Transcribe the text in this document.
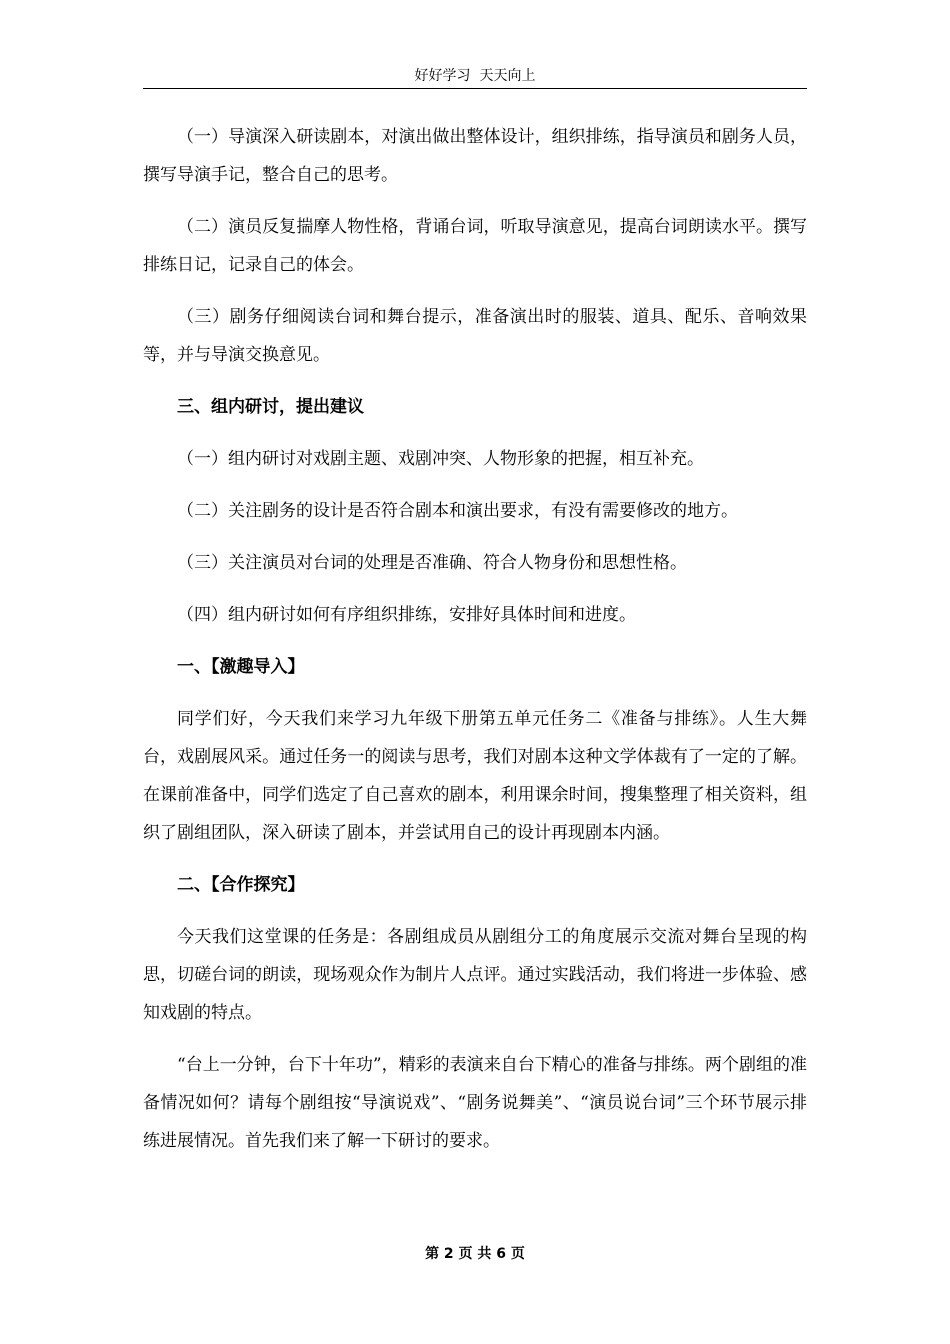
好好学习  天天向上

（一）导演深入研读剧本，对演出做出整体设计，组织排练，指导演员和剧务人员，撰写导演手记，整合自己的思考。

（二）演员反复揣摩人物性格，背诵台词，听取导演意见，提高台词朗读水平。撰写排练日记，记录自己的体会。

（三）剧务仔细阅读台词和舞台提示，准备演出时的服装、道具、配乐、音响效果等，并与导演交换意见。

三、组内研讨，提出建议

（一）组内研讨对戏剧主题、戏剧冲突、人物形象的把握，相互补充。

（二）关注剧务的设计是否符合剧本和演出要求，有没有需要修改的地方。

（三）关注演员对台词的处理是否准确、符合人物身份和思想性格。

（四）组内研讨如何有序组织排练，安排好具体时间和进度。

一、【激趣导入】

同学们好，今天我们来学习九年级下册第五单元任务二《准备与排练》。人生大舞台，戏剧展风采。通过任务一的阅读与思考，我们对剧本这种文学体裁有了一定的了解。在课前准备中，同学们选定了自己喜欢的剧本，利用课余时间，搜集整理了相关资料，组织了剧组团队，深入研读了剧本，并尝试用自己的设计再现剧本内涵。

二、【合作探究】

今天我们这堂课的任务是：各剧组成员从剧组分工的角度展示交流对舞台呈现的构思，切磋台词的朗读，现场观众作为制片人点评。通过实践活动，我们将进一步体验、感知戏剧的特点。

“台上一分钟，台下十年功”，精彩的表演来自台下精心的准备与排练。两个剧组的准备情况如何？请每个剧组按“导演说戏”、“剧务说舞美”、“演员说台词”三个环节展示排练进展情况。首先我们来了解一下研讨的要求。

第 2 页 共 6 页
